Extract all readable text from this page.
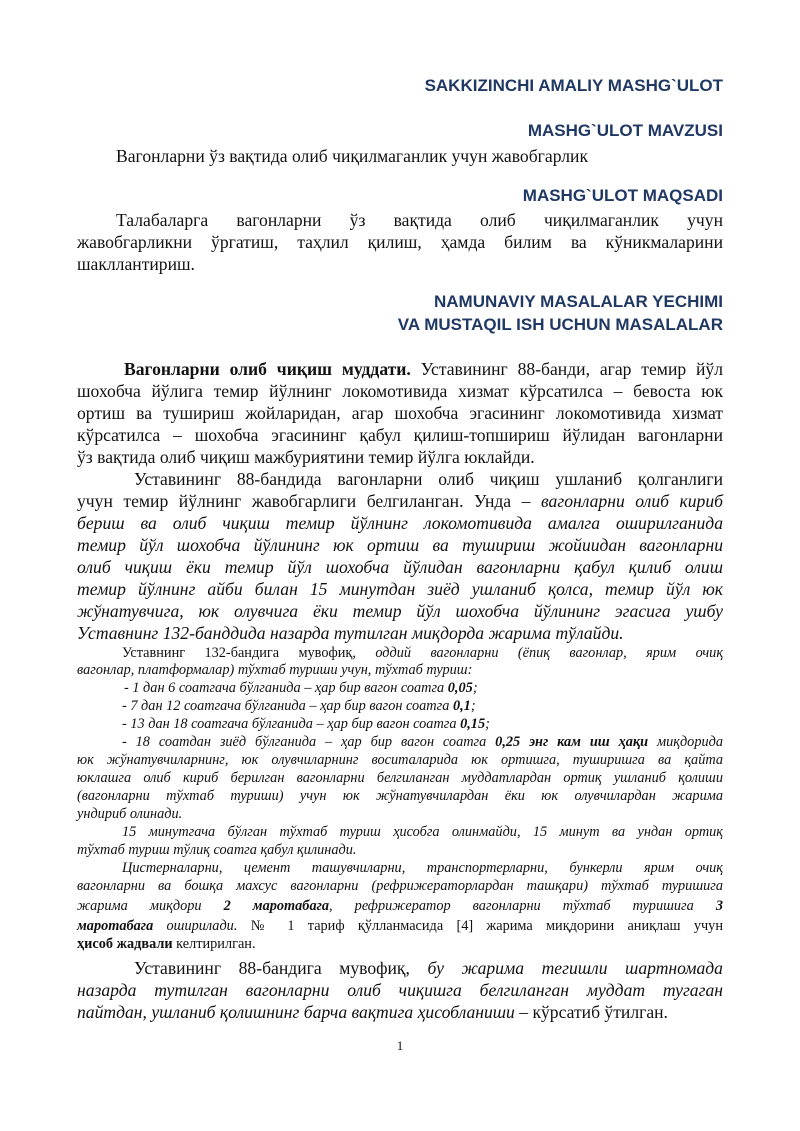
SAKKIZINCHI AMALIY MASHG`ULOT
MASHG`ULOT MAVZUSI
Вагонларни ўз вақтида олиб чиқилмаганлик учун жавобгарлик
MASHG`ULOT MAQSADI
Талабаларга вагонларни ўз вақтида олиб чиқилмаганлик учун
жавобгарликни ўргатиш, таҳлил қилиш, ҳамда билим ва кўникмаларини
шакллантириш.
NAMUNAVIY MASALALAR YECHIMI
VA MUSTAQIL ISH UCHUN MASALALAR
Вагонларни олиб чиқиш муддати. Уставининг 88-банди, агар темир йўл
шохобча йўлига темир йўлнинг локомотивида хизмат кўрсатилса – бевоста юк
ортиш ва тушириш жойларидан, агар шохобча эгасининг локомотивида хизмат
кўрсатилса – шохобча эгасининг қабул қилиш-топшириш йўлидан вагонларни
ўз вақтида олиб чиқиш мажбуриятини темир йўлга юклайди.
Уставининг 88-бандида вагонларни олиб чиқиш ушланиб қолганлиги
учун темир йўлнинг жавобгарлиги белгиланган. Унда – вагонларни олиб кириб
бериш ва олиб чиқиш темир йўлнинг локомотивида амалга оширилганида
темир йўл шохобча йўлининг юк ортиш ва тушириш жойиидан вагонларни
олиб чиқиш ёки темир йўл шохобча йўлидан вагонларни қабул қилиб олиш
темир йўлнинг айби билан 15 минутдан зиёд ушланиб қолса, темир йўл юк
жўнатувчига, юк олувчига ёки темир йўл шохобча йўлининг эгасига ушбу
Уставнинг 132-банддида назарда тутилган миқдорда жарима тўлайди.
Уставнинг 132-бандига мувофиқ, оддий вагонларни (ёпиқ вагонлар, ярим очиқ
вагонлар, платформалар) тўхтаб туриши учун, тўхтаб туриш:
- 1 дан 6 соатгача бўлганида – ҳар бир вагон соатга 0,05;
- 7 дан 12 соатгача бўлганида – ҳар бир вагон соатга 0,1;
- 13 дан 18 соатгача бўлганида – ҳар бир вагон соатга 0,15;
- 18 соатдан зиёд бўлганида – ҳар бир вагон соатга 0,25 энг кам иш ҳақи миқдорида
юк жўнатувчиларнинг, юк олувчиларнинг воситаларида юк ортишга, туширишга ва қайта
юклашга олиб кириб берилган вагонларни белгиланган муддатлардан ортиқ ушланиб қолиши
(вагонларни тўхтаб туриши) учун юк жўнатувчилардан ёки юк олувчилардан жарима
ундириб олинади.
15 минутгача бўлган тўхтаб туриш ҳисобга олинмайди, 15 минут ва ундан ортиқ
тўхтаб туриш тўлиқ соатга қабул қилинади.
Цистерналарни, цемент ташувчиларни, транспортерларни, бункерли ярим очиқ
вагонларни ва бошқа махсус вагонларни (рефрижераторлардан ташқари) тўхтаб туришига
жарима миқдори 2 маротабага, рефрижератор вагонларни тўхтаб туришига 3
маротабага оширилади. № 1 тариф қўлланмасида [4] жарима миқдорини аниқлаш учун
ҳисоб жадвали келтирилган.
Уставининг 88-бандига мувофиқ, бу жарима тегишли шартномада
назарда тутилган вагонларни олиб чиқишга белгиланган муддат тугаган
пайтдан, ушланиб қолишнинг барча вақтига ҳисобланиши – кўрсатиб ўтилган.
1
